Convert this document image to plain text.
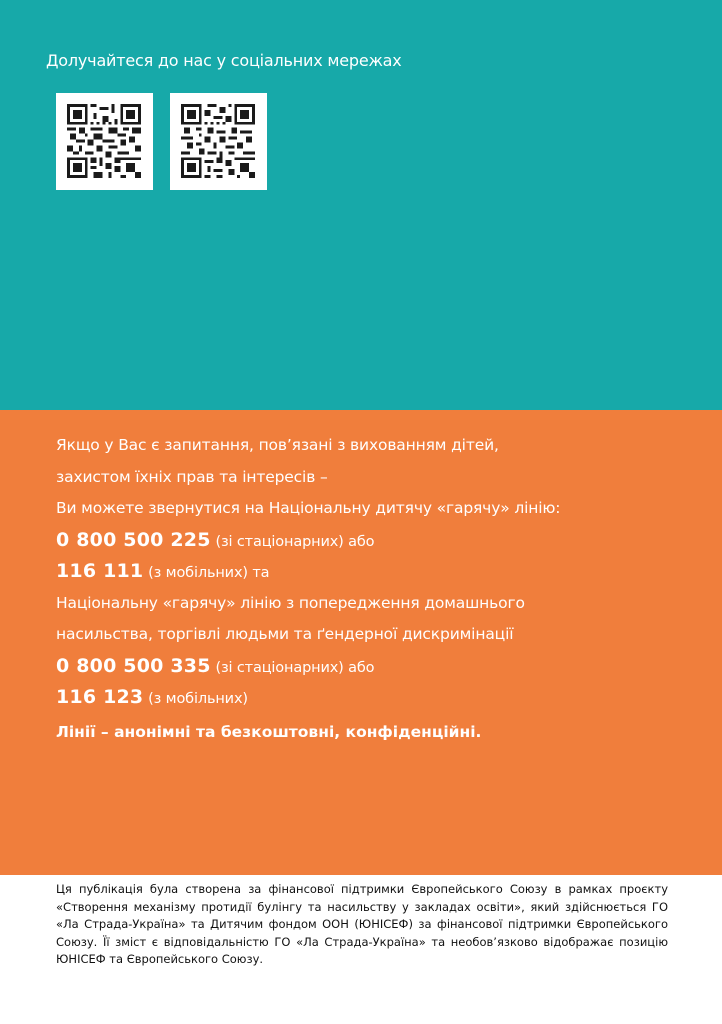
Долучайтеся до нас у соціальних мережах
Якщо у Вас є запитання, пов’язані з вихованням дітей,
захистом їхніх прав та інтересів –
Ви можете звернутися на Національну дитячу «гарячу» лінію:
0 800 500 225 (зі стаціонарних) або
116 111 (з мобільних) та
Національну «гарячу» лінію з попередження домашнього
насильства, торгівлі людьми та ґендерної дискримінації
0 800 500 335 (зі стаціонарних) або
116 123 (з мобільних)
Лінії – анонімні та безкоштовні, конфіденційні.
Ця публікація була створена за фінансової підтримки Європейського Союзу в рамках проєкту «Створення механізму протидії булінгу та насильству у закладах освіти», який здійснюється ГО «Ла Страда-Україна» та Дитячим фондом ООН (ЮНІСЕФ) за фінансової підтримки Європейського Союзу. Її зміст є відповідальністю ГО «Ла Страда-Україна» та необов’язково відображає позицію ЮНІСЕФ та Європейського Союзу.
